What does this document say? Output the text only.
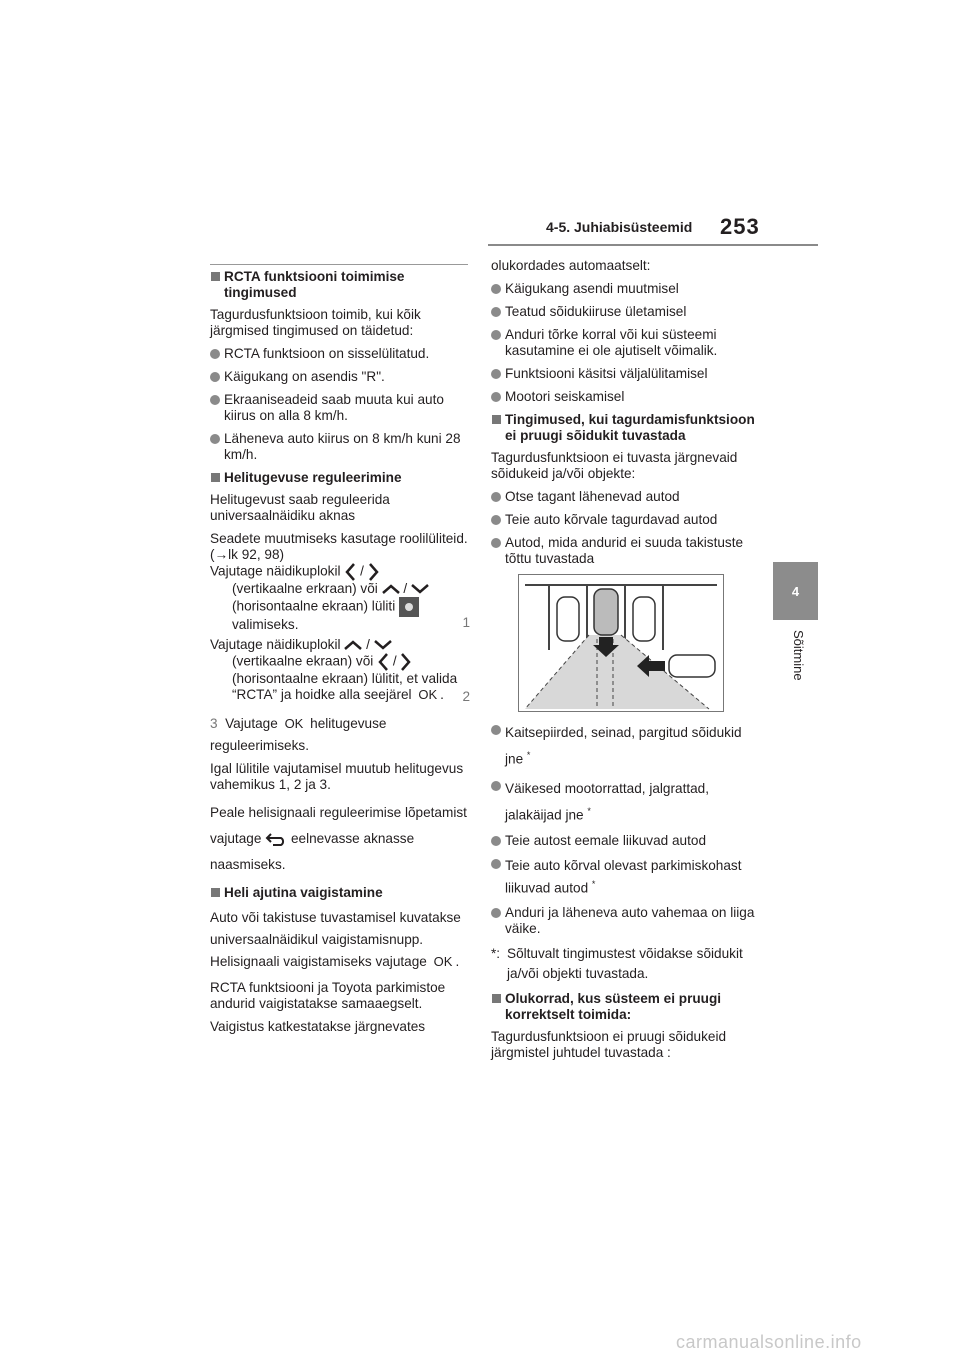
4-5. Juhiabisüsteemid 253
4
Sõitmine

RCTA funktsiooni toimimise tingimused

Tagurdusfunktsioon toimib, kui kõik järgmised tingimused on täidetud:

RCTA funktsioon on sisselülitatud.

Käigukang on asendis "R".

Ekraaniseadeid saab muuta kui auto kiirus on alla 8 km/h.

Läheneva auto kiirus on 8 km/h kuni 28 km/h.

Helitugevuse reguleerimine

Helitugevust saab reguleerida universaalnäidiku aknas

Seadete muutmiseks kasutage roolilüliteid. (→lk 92, 98)

Vajutage näidikuplokil /
(vertikaalne erkraan) või /
(horisontaalne ekraan) lüliti
valimiseks.	1
Vajutage näidikuplokil /
(vertikaalne ekraan) või /
(horisontaalne ekraan) lülitit, et valida “RCTA” ja hoidke alla seejärel OK .	2
3 Vajutage OK helitugevuse reguleerimiseks.

Igal lülitile vajutamisel muutub helitugevus vahemikus 1, 2 ja 3.

Peale helisignaali reguleerimise lõpetamist vajutage eelnevasse aknasse naasmiseks.

Heli ajutina vaigistamine

Auto või takistuse tuvastamisel kuvatakse universaalnäidikul vaigistamisnupp. Helisignaali vaigistamiseks vajutage OK .

RCTA funktsiooni ja Toyota parkimistoe andurid vaigistatakse samaaegselt.

Vaigistus katkestatakse järgnevates

olukordades automaatselt:

Käigukang asendi muutmisel

Teatud sõidukiiruse ületamisel

Anduri tõrke korral või kui süsteemi kasutamine ei ole ajutiselt võimalik.

Funktsiooni käsitsi väljalülitamisel

Mootori seiskamisel

Tingimused, kui tagurdamisfunktsioon ei pruugi sõidukit tuvastada

Tagurdusfunktsioon ei tuvasta järgnevaid sõidukeid ja/või objekte:

Otse tagant lähenevad autod

Teie auto kõrvale tagurdavad autod

Autod, mida andurid ei suuda takistuste tõttu tuvastada

Kaitsepiirded, seinad, pargitud sõidukid jne *

Väikesed mootorrattad, jalgrattad, jalakäijad jne *

Teie autost eemale liikuvad autod

Teie auto kõrval olevast parkimiskohast liikuvad autod *

Anduri ja läheneva auto vahemaa on liiga väike.

*: Sõltuvalt tingimustest võidakse sõidukit ja/või objekti tuvastada.

Olukorrad, kus süsteem ei pruugi korrektselt toimida:

Tagurdusfunktsioon ei pruugi sõidukeid järgmistel juhtudel tuvastada :

carmanualsonline.info
